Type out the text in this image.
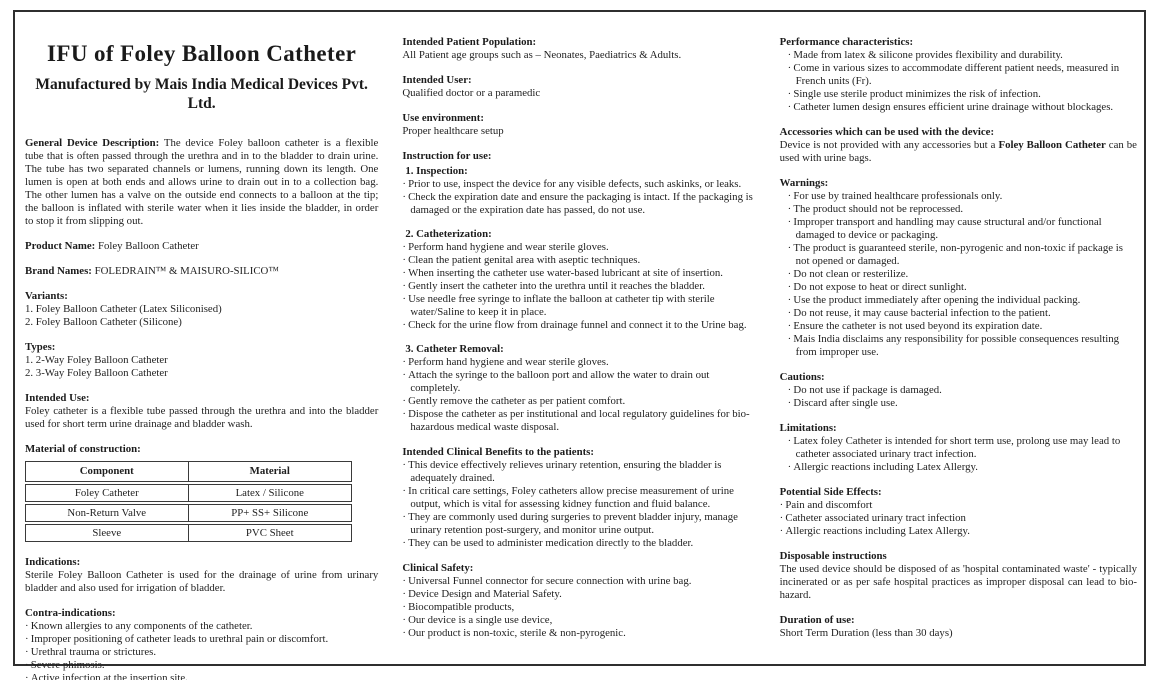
IFU of Foley Balloon Catheter
Manufactured by Mais India Medical Devices Pvt. Ltd.

General Device Description: The device Foley balloon catheter is a flexible tube that is often passed through the urethra and in to the bladder to drain urine. The tube has two separated channels or lumens, running down its length. One lumen is open at both ends and allows urine to drain out in to a collection bag. The other lumen has a valve on the outside end connects to a balloon at the tip; the balloon is inflated with sterile water when it lies inside the bladder, in order to stop it from slipping out.

Product Name: Foley Balloon Catheter

Brand Names: FOLEDRAIN™ & MAISURO-SILICO™

Variants:
1. Foley Balloon Catheter (Latex Siliconised)
2. Foley Balloon Catheter (Silicone)
Types:
1. 2-Way Foley Balloon Catheter
2. 3-Way Foley Balloon Catheter
Intended Use:

Foley catheter is a flexible tube passed through the urethra and into the bladder used for short term urine drainage and bladder wash.

Material of construction:
Component	Material
Foley Catheter	Latex / Silicone
Non-Return Valve	PP+ SS+ Silicone
Sleeve	PVC Sheet
Indications:

Sterile Foley Balloon Catheter is used for the drainage of urine from urinary bladder and also used for irrigation of bladder.

Contra-indications:
· Known allergies to any components of the catheter.
· Improper positioning of catheter leads to urethral pain or discomfort.
· Urethral trauma or strictures.
· Severe phimosis.
· Active infection at the insertion site.
Intended Patient Population:

All Patient age groups such as – Neonates, Paediatrics & Adults.

Intended User:

Qualified doctor or a paramedic

Use environment:

Proper healthcare setup

Instruction for use:
1. Inspection:
· Prior to use, inspect the device for any visible defects, such askinks, or leaks.
· Check the expiration date and ensure the packaging is intact. If the packaging is damaged or the expiration date has passed, do not use.
2. Catheterization:
· Perform hand hygiene and wear sterile gloves.
· Clean the patient genital area with aseptic techniques.
· When inserting the catheter use water-based lubricant at site of insertion.
· Gently insert the catheter into the urethra until it reaches the bladder.
· Use needle free syringe to inflate the balloon at catheter tip with sterile water/Saline to keep it in place.
· Check for the urine flow from drainage funnel and connect it to the Urine bag.
3. Catheter Removal:
· Perform hand hygiene and wear sterile gloves.
· Attach the syringe to the balloon port and allow the water to drain out completely.
· Gently remove the catheter as per patient comfort.
· Dispose the catheter as per institutional and local regulatory guidelines for bio-hazardous medical waste disposal.
Intended Clinical Benefits to the patients:
· This device effectively relieves urinary retention, ensuring the bladder is adequately drained.
· In critical care settings, Foley catheters allow precise measurement of urine output, which is vital for assessing kidney function and fluid balance.
· They are commonly used during surgeries to prevent bladder injury, manage urinary retention post-surgery, and monitor urine output.
· They can be used to administer medication directly to the bladder.
Clinical Safety:
· Universal Funnel connector for secure connection with urine bag.
· Device Design and Material Safety.
· Biocompatible products,
· Our device is a single use device,
· Our product is non-toxic, sterile & non-pyrogenic.
Performance characteristics:
· Made from latex & silicone provides flexibility and durability.
· Come in various sizes to accommodate different patient needs, measured in French units (Fr).
· Single use sterile product minimizes the risk of infection.
· Catheter lumen design ensures efficient urine drainage without blockages.
Accessories which can be used with the device:

Device is not provided with any accessories but a Foley Balloon Catheter can be used with urine bags.

Warnings:
· For use by trained healthcare professionals only.
· The product should not be reprocessed.
· Improper transport and handling may cause structural and/or functional damaged to device or packaging.
· The product is guaranteed sterile, non-pyrogenic and non-toxic if package is not opened or damaged.
· Do not clean or resterilize.
· Do not expose to heat or direct sunlight.
· Use the product immediately after opening the individual packing.
· Do not reuse, it may cause bacterial infection to the patient.
· Ensure the catheter is not used beyond its expiration date.
· Mais India disclaims any responsibility for possible consequences resulting from improper use.
Cautions:
· Do not use if package is damaged.
· Discard after single use.
Limitations:
· Latex foley Catheter is intended for short term use, prolong use may lead to catheter associated urinary tract infection.
· Allergic reactions including Latex Allergy.
Potential Side Effects:
· Pain and discomfort
· Catheter associated urinary tract infection
· Allergic reactions including Latex Allergy.
Disposable instructions

The used device should be disposed of as 'hospital contaminated waste' - typically incinerated or as per safe hospital practices as improper disposal can lead to bio-hazard.

Duration of use:

Short Term Duration (less than 30 days)
